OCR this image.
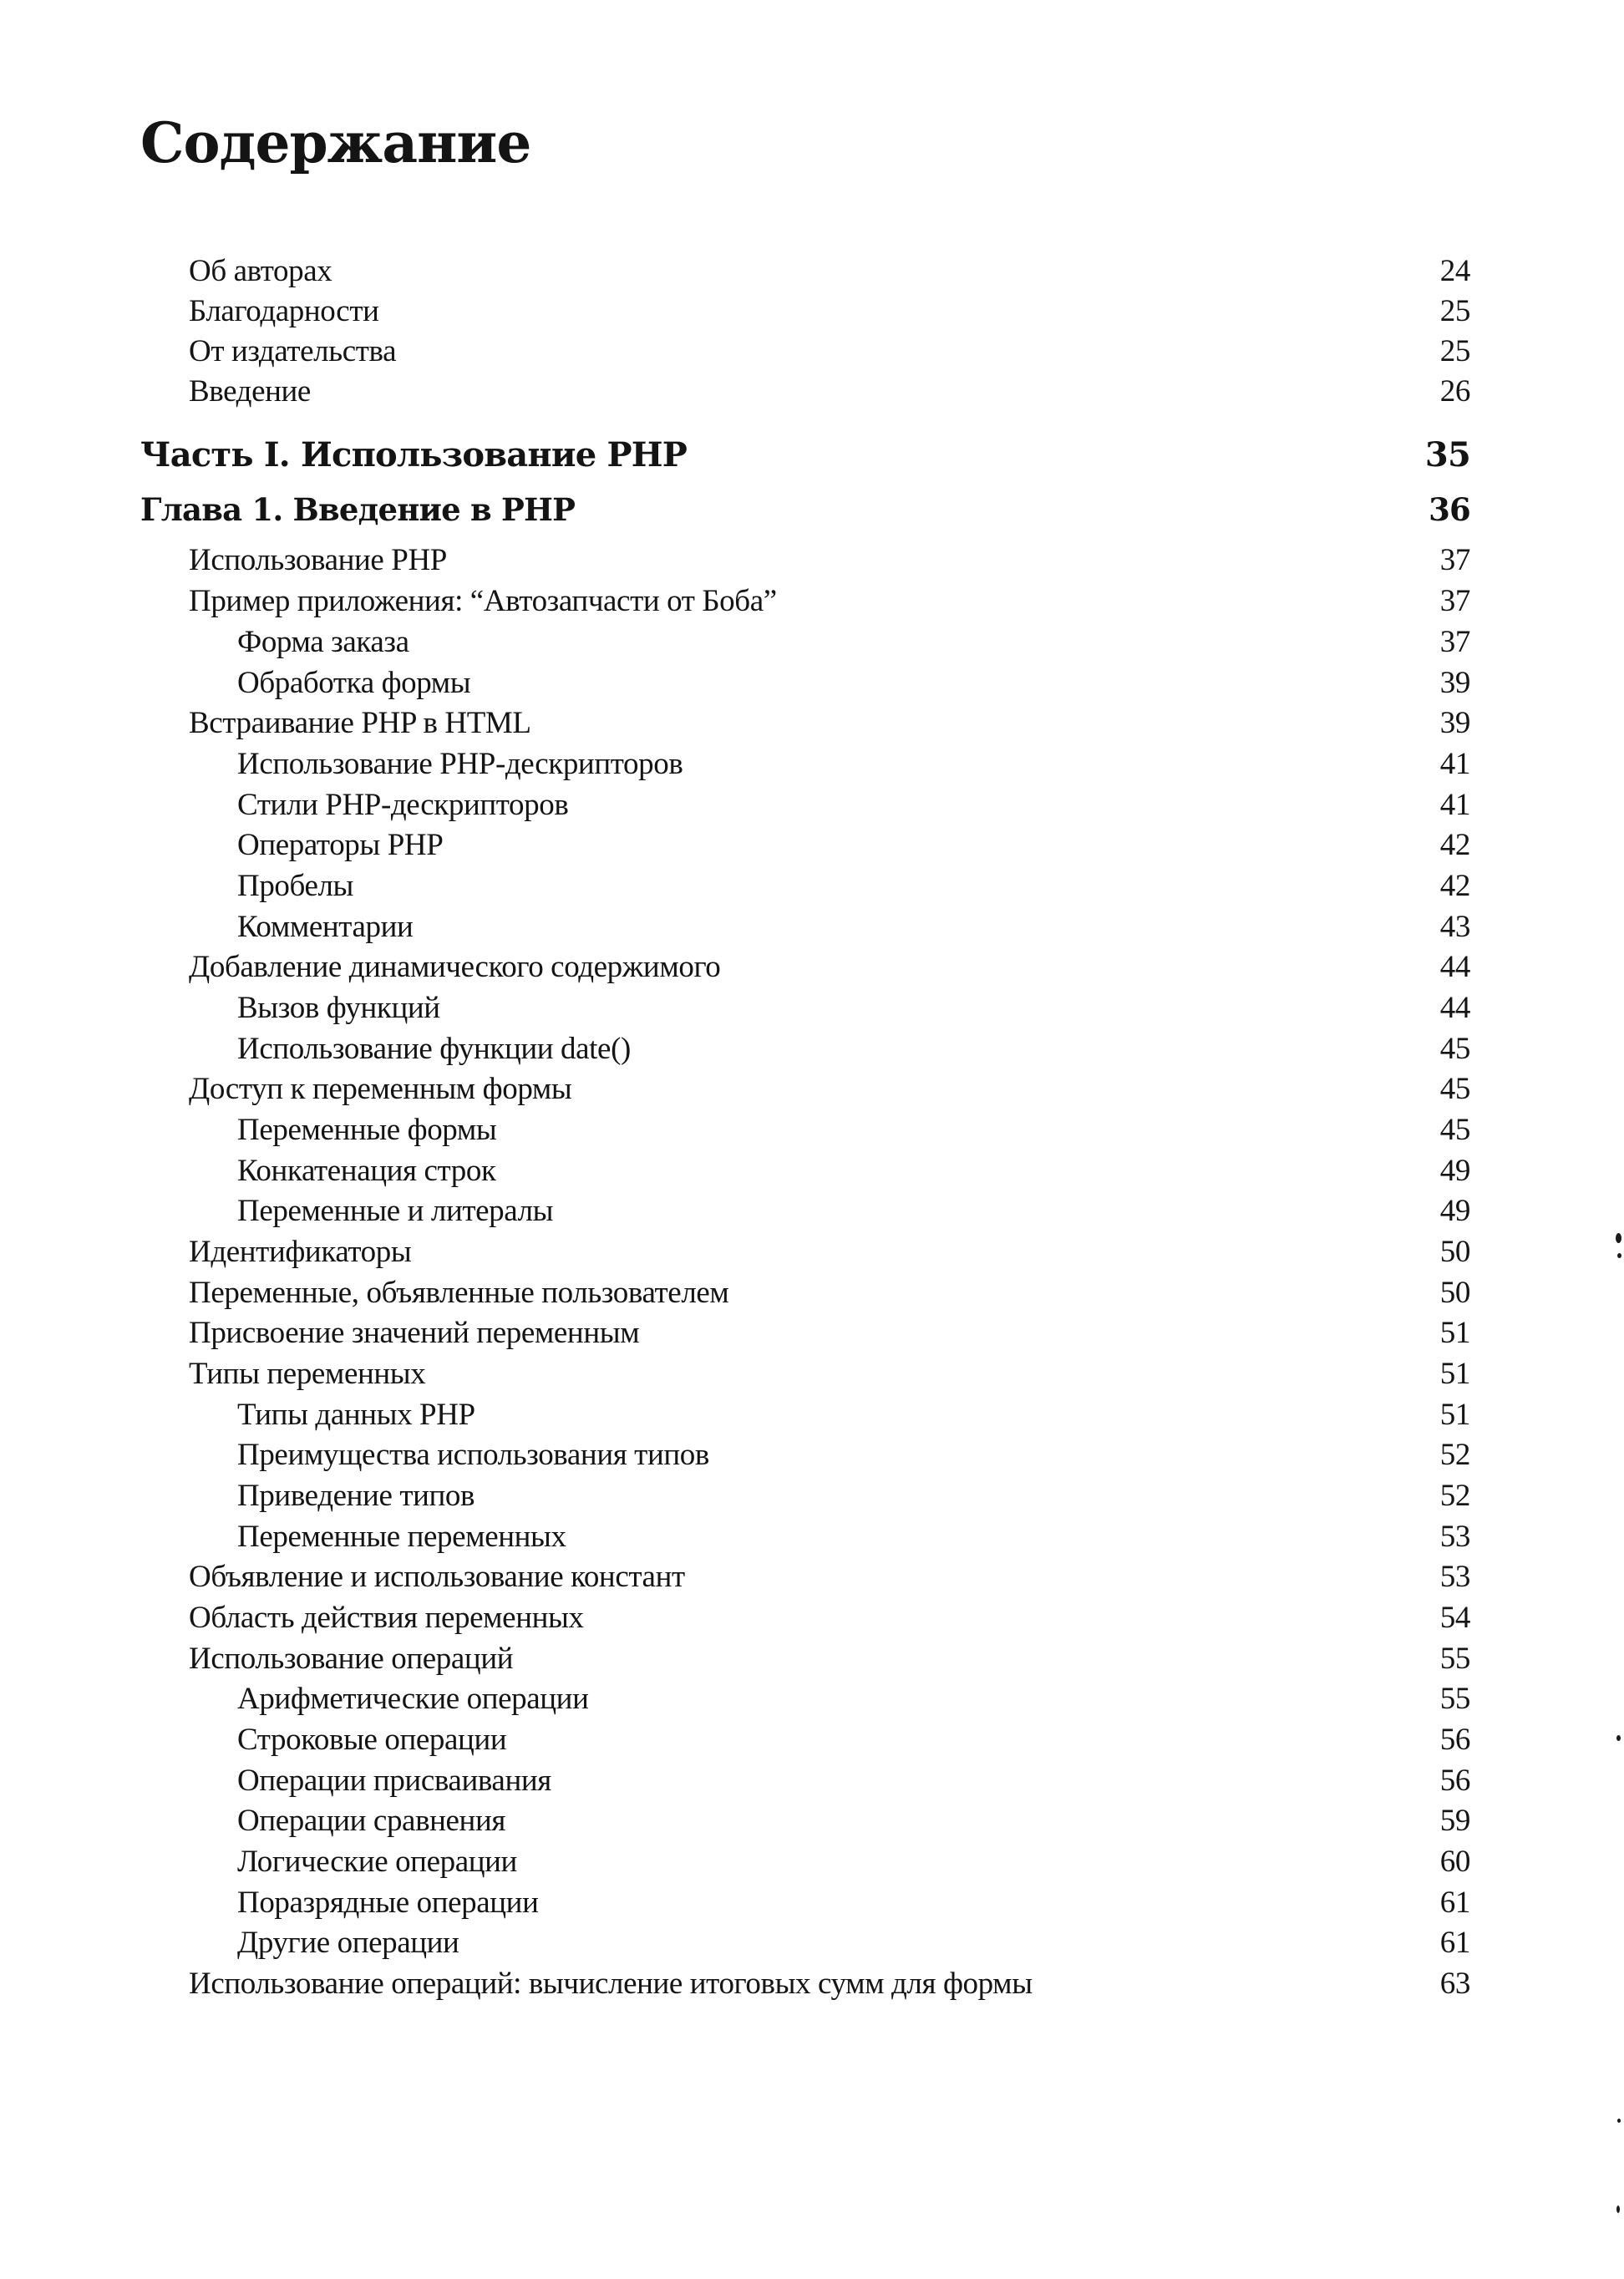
Содержание
Об авторах	24
Благодарности	25
От издательства	25
Введение	26
Часть I. Использование PHP	35
Глава 1. Введение в PHP	36
Использование PHP	37
Пример приложения: “Автозапчасти от Боба”	37
Форма заказа	37
Обработка формы	39
Встраивание PHP в HTML	39
Использование PHP-дескрипторов	41
Стили PHP-дескрипторов	41
Операторы PHP	42
Пробелы	42
Комментарии	43
Добавление динамического содержимого	44
Вызов функций	44
Использование функции date()	45
Доступ к переменным формы	45
Переменные формы	45
Конкатенация строк	49
Переменные и литералы	49
Идентификаторы	50
Переменные, объявленные пользователем	50
Присвоение значений переменным	51
Типы переменных	51
Типы данных PHP	51
Преимущества использования типов	52
Приведение типов	52
Переменные переменных	53
Объявление и использование констант	53
Область действия переменных	54
Использование операций	55
Арифметические операции	55
Строковые операции	56
Операции присваивания	56
Операции сравнения	59
Логические операции	60
Поразрядные операции	61
Другие операции	61
Использование операций: вычисление итоговых сумм для формы	63
